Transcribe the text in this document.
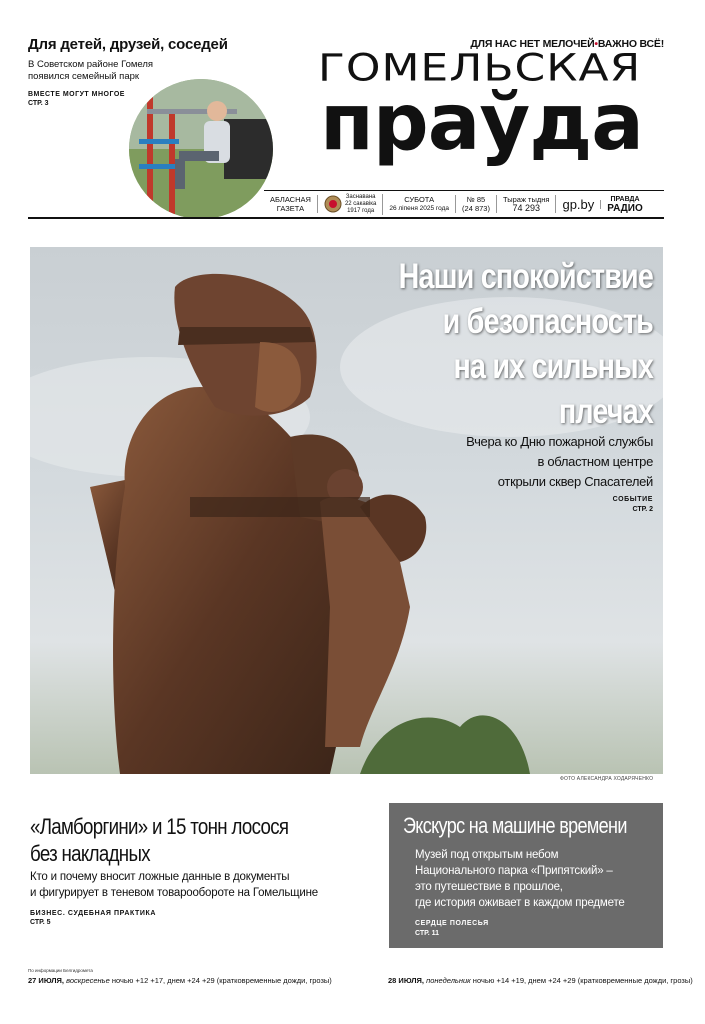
Для детей, друзей, соседей
В Советском районе Гомеля появился семейный парк
ВМЕСТЕ МОГУТ МНОГОЕ
СТР. 3
ДЛЯ НАС НЕТ МЕЛОЧЕЙ•ВАЖНО ВСЁ!
ГОМЕЛЬСКАЯ
праўда
АБЛАСНАЯ
ГАЗЕТА
Заснавана
22 сакавіка
1917 года
СУБОТА
26 ліпеня 2025 года
№ 85
(24 873)
Тыраж тыдня
74 293	gp.by	ПРАВДА
РАДИО
Наши спокойствие
и безопасность
на их сильных
плечах
Вчера ко Дню пожарной службы
в областном центре
открыли сквер Спасателей
СОБЫТИЕ
СТР. 2
ФОТО АЛЕКСАНДРА ХОДАРЯЧЕНКО
«Ламборгини» и 15 тонн лосося
без накладных
Кто и почему вносит ложные данные в документы
и фигурирует в теневом товарообороте на Гомельщине
БИЗНЕС. СУДЕБНАЯ ПРАКТИКА
СТР. 5
Экскурс на машине времени
Музей под открытым небом
Национального парка «Припятский» –
это путешествие в прошлое,
где история оживает в каждом предмете
СЕРДЦЕ ПОЛЕСЬЯ
СТР. 11
По информации Белгидромета
27 ИЮЛЯ, воскресенье ночью +12 +17, днем +24 +29 (кратковременные дожди, грозы)	28 ИЮЛЯ, понедельник ночью +14 +19, днем +24 +29 (кратковременные дожди, грозы)
